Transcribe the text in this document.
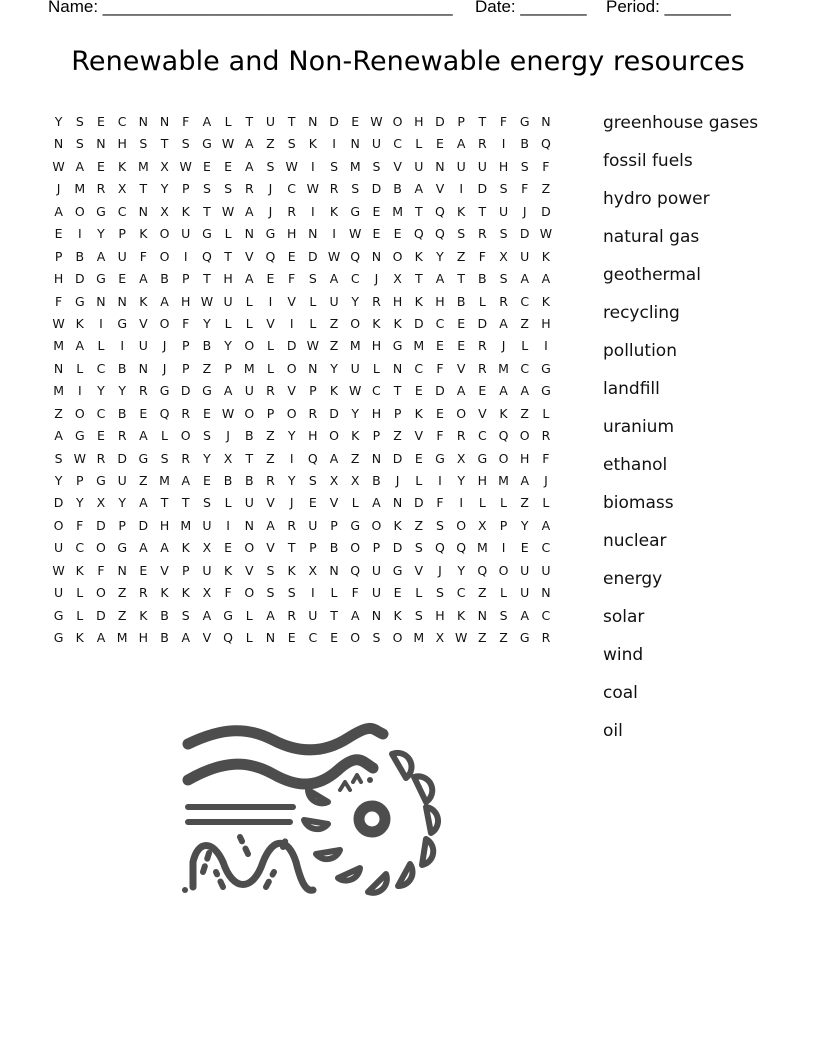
Name: _____________________________________

Date: _______

Period: _______

Renewable and Non-Renewable energy resources
Y	S	E	C N N	F	A	L	T	U	T	N D E W O H D	P	T	F	G N
N	S	N H	S	T	S G W A	Z	S	K	I	N U C	L	E	A	R	I	B Q
W A	E	K M X W E	E	A	S W	I	S M S	V U N U U H	S	F
J	M R	X	T	Y	P	S	S	R	J	C W R	S D B	A	V	I	D S	F	Z
A O G C N X	K	T W A	J	R	I	K G E M T Q K	T	U	J	D
E	I	Y	P	K O U G	L	N G H N	I	W E	E Q Q S	R	S D W
P	B	A U	F	O	I	Q T	V Q E D W Q N O K	Y	Z	F	X U	K
H D G E	A	B	P	T	H A	E	F	S	A	C	J	X	T	A	T	B	S	A	A
F	G N N K	A H W U	L	I	V	L	U	Y	R H K H B	L	R C	K
W K	I	G V O	F	Y	L	L	V	I	L	Z O K	K D C	E D A	Z H
M A	L	I	U	J	P	B	Y O	L	D W Z M H G M E	E	R	J	L	I
N	L	C	B N	J	P	Z	P M L	O N	Y	U	L	N C	F	V	R M C G
M	I	Y	Y	R G D G A U R	V	P	K W C	T	E D A	E	A	A G
Z O C	B	E Q R	E W O P	O R D	Y	H	P	K	E O V	K	Z	L
A G E	R	A	L	O S	J	B	Z	Y	H O K	P	Z	V	F	R C Q O R
S W R D G S	R	Y	X	T	Z	I	Q A	Z N D E G X G O H	F
Y	P	G U Z M A	E	B	B	R	Y	S	X	X	B	J	L	I	Y	H M A	J
D	Y	X	Y	A	T	T	S	L	U V	J	E	V	L	A N D	F	I	L	L	Z	L
O	F	D	P	D H M U	I	N A	R U	P	G O K	Z	S O X	P	Y	A
U C O G A	A	K	X	E O V	T	P	B O P	D S Q Q M	I	E	C
W K	F	N	E	V	P	U	K	V	S	K	X N Q U G V	J	Y Q O U U
U	L	O Z	R	K	K	X	F	O S	S	I	L	F	U	E	L	S	C	Z	L	U N
G	L	D Z	K	B	S	A G	L	A	R U	T	A N K	S	H K N	S	A	C
G K	A M H B	A	V Q	L	N	E	C	E O S O M X W Z	Z G R
greenhouse gases
fossil fuels
hydro power
natural gas
geothermal
recycling
pollution
landfill
uranium
ethanol
biomass
nuclear
energy
solar
wind
coal
oil
